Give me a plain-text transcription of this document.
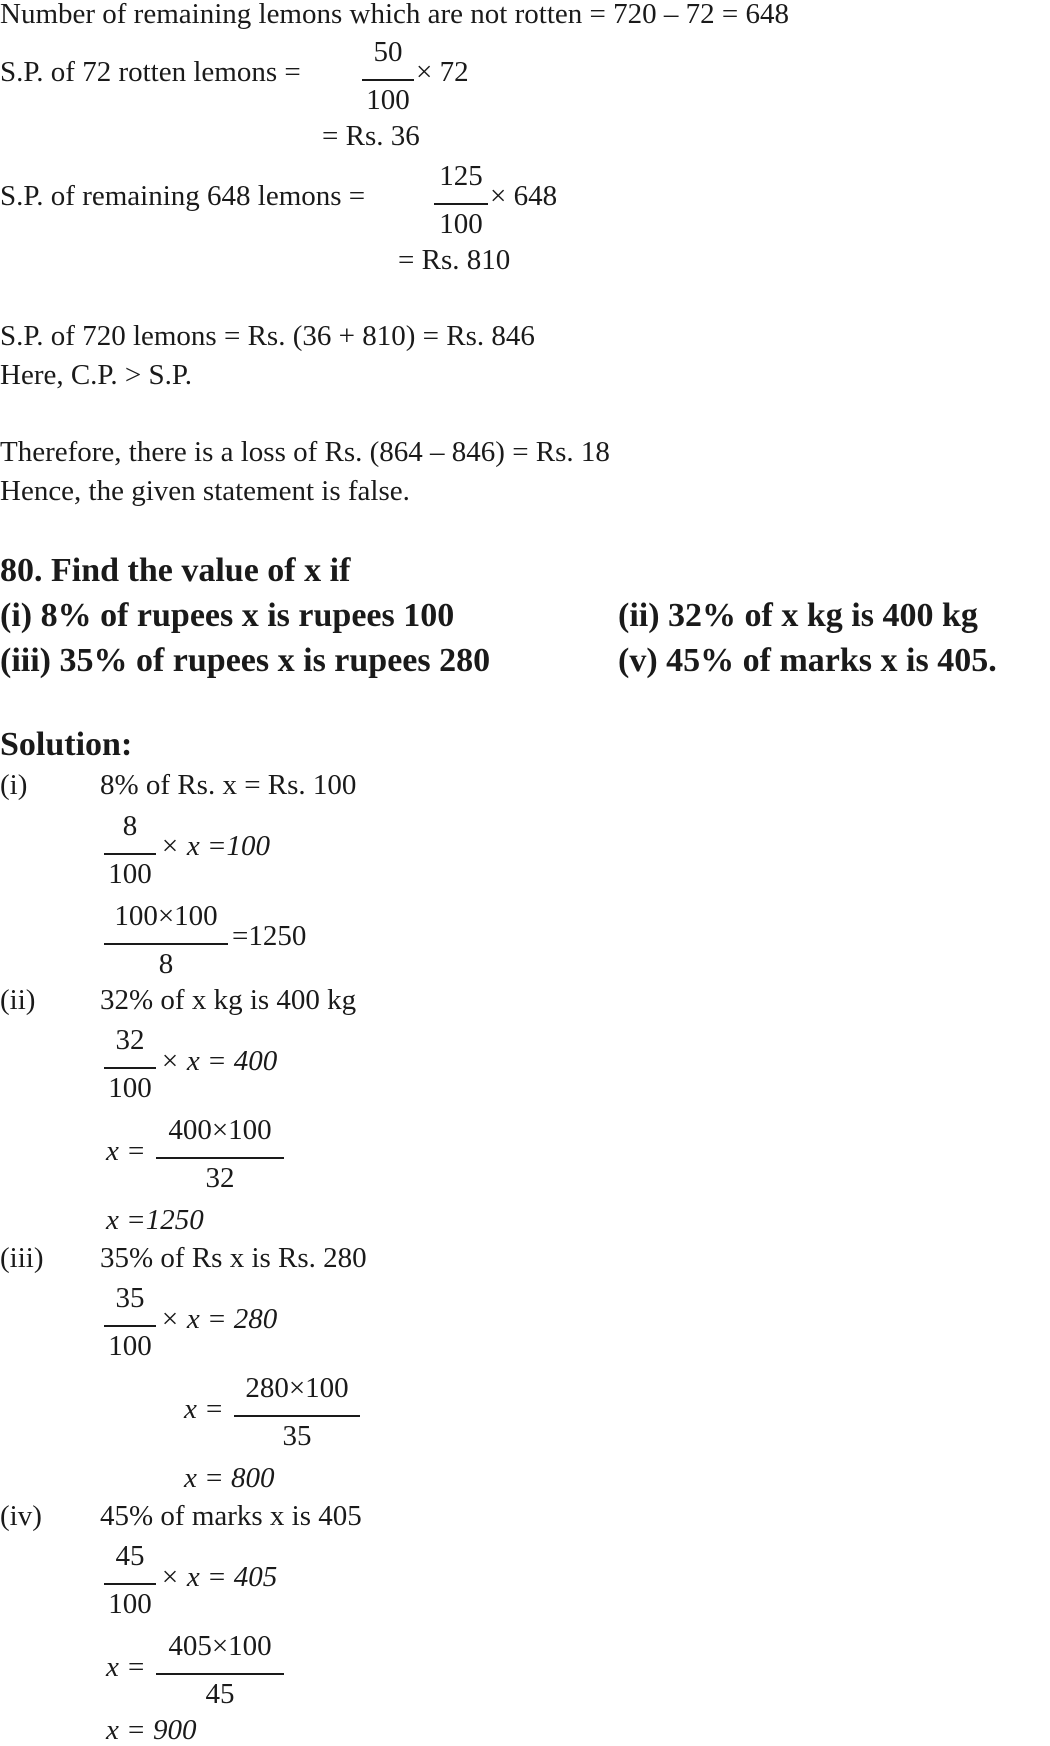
Number of remaining lemons which are not rotten = 720 – 72 = 648
S.P. of 72 rotten lemons =
50
100
× 72
= Rs. 36
S.P. of remaining 648 lemons =
125
100
× 648
= Rs. 810
S.P. of 720 lemons = Rs. (36 + 810) = Rs. 846
Here, C.P. > S.P.
Therefore, there is a loss of Rs. (864 – 846) = Rs. 18
Hence, the given statement is false.
80. Find the value of x if
(i) 8% of rupees x is rupees 100	(ii) 32% of x kg is 400 kg
(iii) 35% of rupees x is rupees 280	(v) 45% of marks x is 405.
Solution:
(i)	8% of Rs. x = Rs. 100
8
100
× x =100
100×100
8
=1250
(ii) 32% of x kg is 400 kg
32
100
× x = 400
x =
400×100
32
x =1250
(iii) 35% of Rs x is Rs. 280
35
100
× x = 280
x =
280×100
35
x = 800
(iv) 45% of marks x is 405
45
100
× x = 405
x =
405×100
45
x = 900
